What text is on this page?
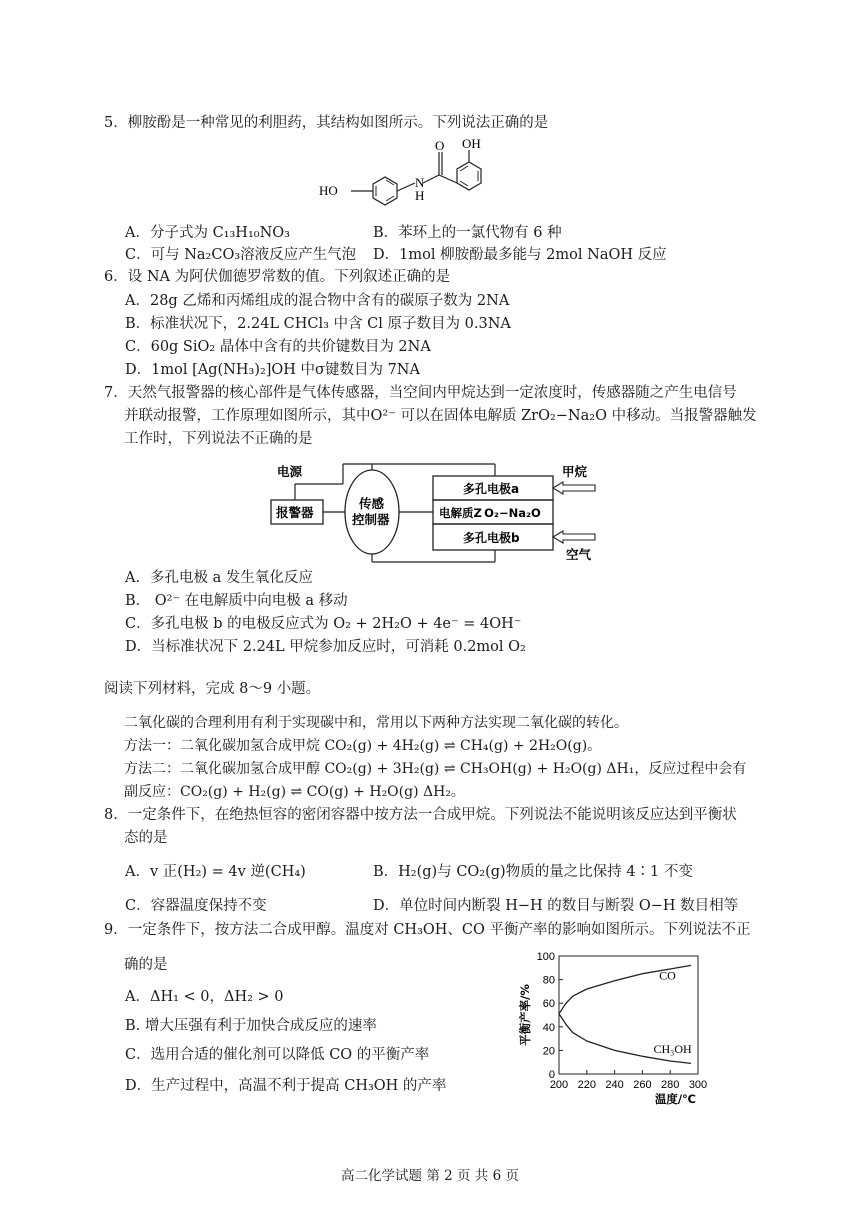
5．柳胺酚是一种常见的利胆药，其结构如图所示。下列说法正确的是
HO
N
H
O OH
A．分子式为 C₁₃H₁₀NO₃	B．苯环上的一氯代物有 6 种
C．可与 Na₂CO₃溶液反应产生气泡 D．1mol 柳胺酚最多能与 2mol NaOH 反应
6．设 NA 为阿伏伽德罗常数的值。下列叙述正确的是
A．28g 乙烯和丙烯组成的混合物中含有的碳原子数为 2NA
B．标准状况下，2.24L CHCl₃ 中含 Cl 原子数目为 0.3NA
C．60g SiO₂ 晶体中含有的共价键数目为 2NA
D．1mol [Ag(NH₃)₂]OH 中σ键数目为 7NA
7．天然气报警器的核心部件是气体传感器，当空间内甲烷达到一定浓度时，传感器随之产生电信号
并联动报警，工作原理如图所示，其中O²⁻ 可以在固体电解质 ZrO₂−Na₂O 中移动。当报警器触发
工作时，下列说法不正确的是
电源
报警器
传感
控制器
多孔电极a
电解质Z O₂−Na₂O
多孔电极b
甲烷
空气
A．多孔电极 a 发生氧化反应
B． O²⁻ 在电解质中向电极 a 移动
C．多孔电极 b 的电极反应式为 O₂ + 2H₂O + 4e⁻ = 4OH⁻
D．当标准状况下 2.24L 甲烷参加反应时，可消耗 0.2mol O₂
阅读下列材料，完成 8～9 小题。
二氧化碳的合理利用有利于实现碳中和，常用以下两种方法实现二氧化碳的转化。
方法一：二氧化碳加氢合成甲烷 CO₂(g) + 4H₂(g) ⇌ CH₄(g) + 2H₂O(g)。
方法二：二氧化碳加氢合成甲醇 CO₂(g) + 3H₂(g) ⇌ CH₃OH(g) + H₂O(g) ΔH₁，反应过程中会有
副反应：CO₂(g) + H₂(g) ⇌ CO(g) + H₂O(g) ΔH₂。
8．一定条件下，在绝热恒容的密闭容器中按方法一合成甲烷。下列说法不能说明该反应达到平衡状
态的是
A．v 正(H₂) = 4v 逆(CH₄)	B．H₂(g)与 CO₂(g)物质的量之比保持 4∶1 不变
C．容器温度保持不变	D．单位时间内断裂 H−H 的数目与断裂 O−H 数目相等
9．一定条件下，按方法二合成甲醇。温度对 CH₃OH、CO 平衡产率的影响如图所示。下列说法不正
确的是
A．ΔH₁ < 0，ΔH₂ > 0
B. 增大压强有利于加快合成反应的速率
C．选用合适的催化剂可以降低 CO 的平衡产率
D．生产过程中，高温不利于提高 CH₃OH 的产率
0
20
40
60
80
100
200 220 240 260 280 300
温度/℃
平衡产率/%
CO
CH₃OH
高二化学试题 第 2 页 共 6 页
